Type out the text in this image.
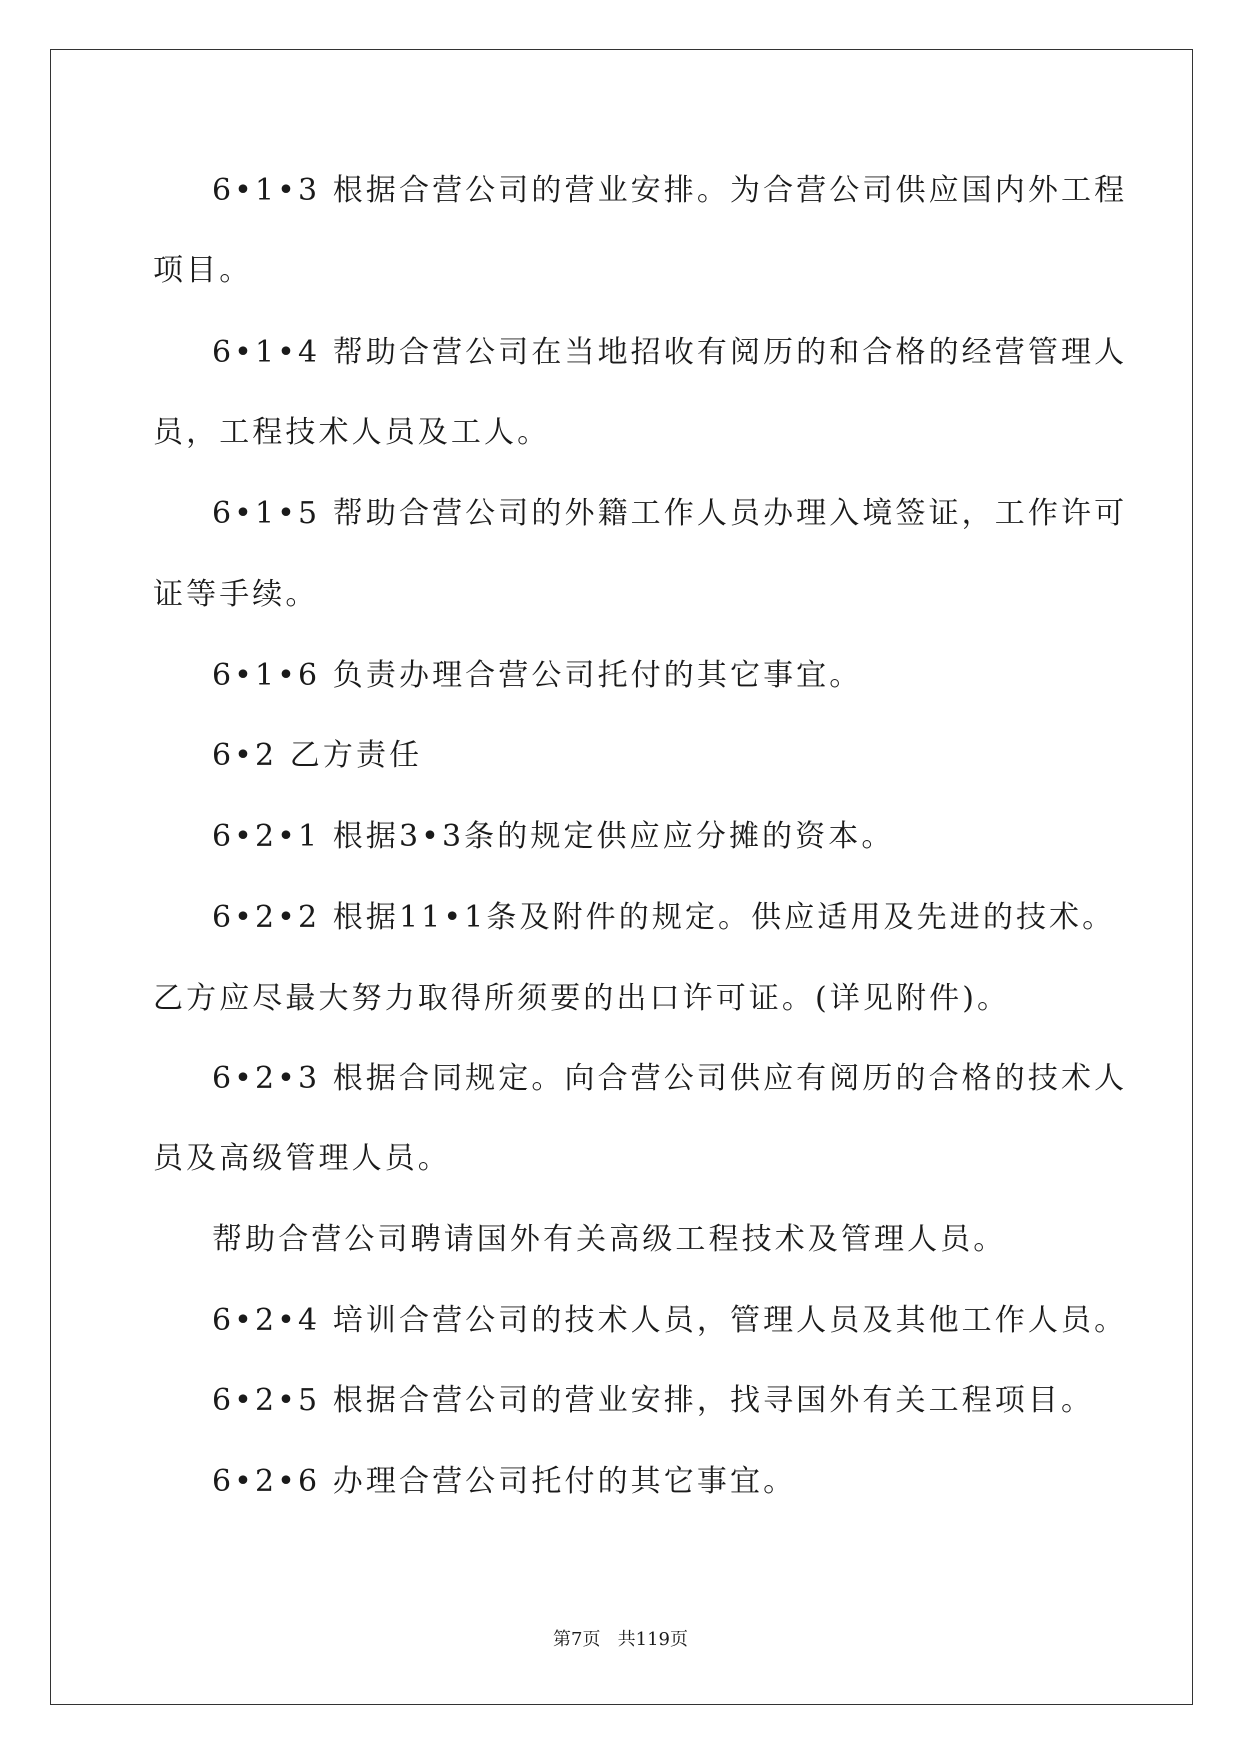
6•1•3 根据合营公司的营业安排。为合营公司供应国内外工程
项目。
6•1•4 帮助合营公司在当地招收有阅历的和合格的经营管理人
员，工程技术人员及工人。
6•1•5 帮助合营公司的外籍工作人员办理入境签证，工作许可
证等手续。
6•1•6 负责办理合营公司托付的其它事宜。
6•2 乙方责任
6•2•1 根据3•3条的规定供应应分摊的资本。
6•2•2 根据11•1条及附件的规定。供应适用及先进的技术。
乙方应尽最大努力取得所须要的出口许可证。(详见附件)。
6•2•3 根据合同规定。向合营公司供应有阅历的合格的技术人
员及高级管理人员。
帮助合营公司聘请国外有关高级工程技术及管理人员。
6•2•4 培训合营公司的技术人员，管理人员及其他工作人员。
6•2•5 根据合营公司的营业安排，找寻国外有关工程项目。
6•2•6 办理合营公司托付的其它事宜。
第7页   共119页
